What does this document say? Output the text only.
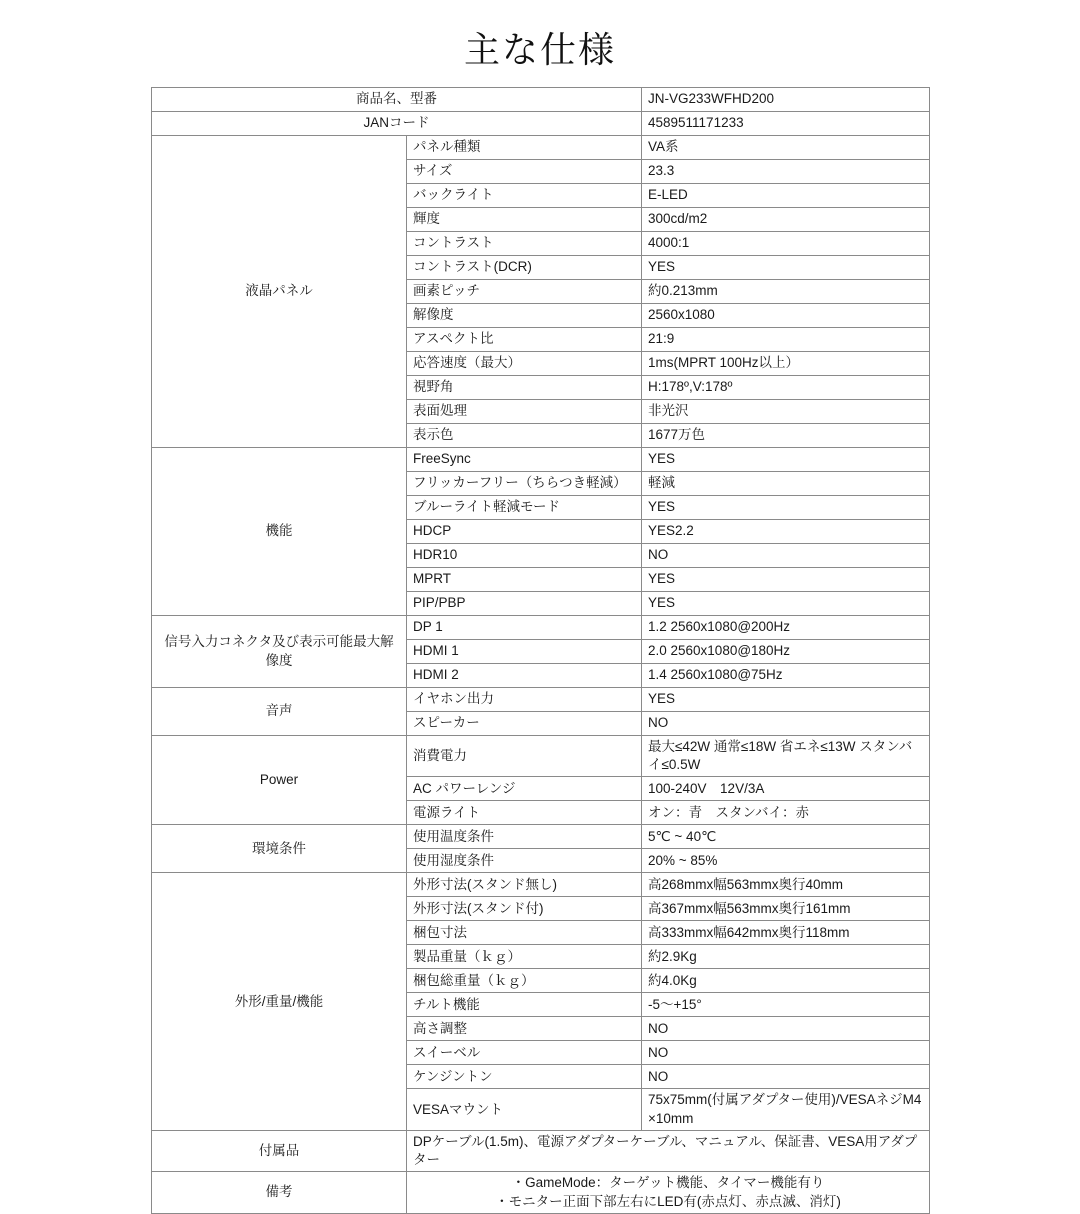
主な仕様
商品名、型番		JN-VG233WFHD200
JANコード		4589511171233
液晶パネル	パネル種類	VA系
	サイズ	23.3
	バックライト	E-LED
	輝度	300cd/m2
	コントラスト	4000:1
	コントラスト(DCR)	YES
	画素ピッチ	約0.213mm
	解像度	2560x1080
	アスペクト比	21:9
	応答速度（最大）	1ms(MPRT 100Hz以上）
	視野角	H:178º,V:178º
	表面処理	非光沢
	表示色	1677万色
機能	FreeSync	YES
	フリッカーフリー（ちらつき軽減）	軽減
	ブルーライト軽減モード	YES
	HDCP	YES2.2
	HDR10	NO
	MPRT	YES
	PIP/PBP	YES
信号入力コネクタ及び表示可能最大解像度	DP 1	1.2 2560x1080@200Hz
	HDMI 1	2.0 2560x1080@180Hz
	HDMI 2	1.4 2560x1080@75Hz
音声	イヤホン出力	YES
	スピーカー	NO
Power	消費電力	最大≤42W 通常≤18W 省エネ≤13W スタンバイ≤0.5W
	AC パワーレンジ	100-240V　12V/3A
	電源ライト	オン：青　スタンバイ：赤
環境条件	使用温度条件	5℃ ~ 40℃
	使用湿度条件	20% ~ 85%
外形/重量/機能	外形寸法(スタンド無し)	高268mmx幅563mmx奥行40mm
	外形寸法(スタンド付)	高367mmx幅563mmx奥行161mm
	梱包寸法	高333mmx幅642mmx奥行118mm
	製品重量（ｋｇ）	約2.9Kg
	梱包総重量（ｋｇ）	約4.0Kg
	チルト機能	-5～+15°
	高さ調整	NO
	スイーベル	NO
	ケンジントン	NO
	VESAマウント	75x75mm(付属アダプター使用)/VESAネジM4×10mm
付属品	DPケーブル(1.5m)、電源アダプターケーブル、マニュアル、保証書、VESA用アダプター	
備考	・GameMode：ターゲット機能、タイマー機能有り
・モニター正面下部左右にLED有(赤点灯、赤点滅、消灯)	
